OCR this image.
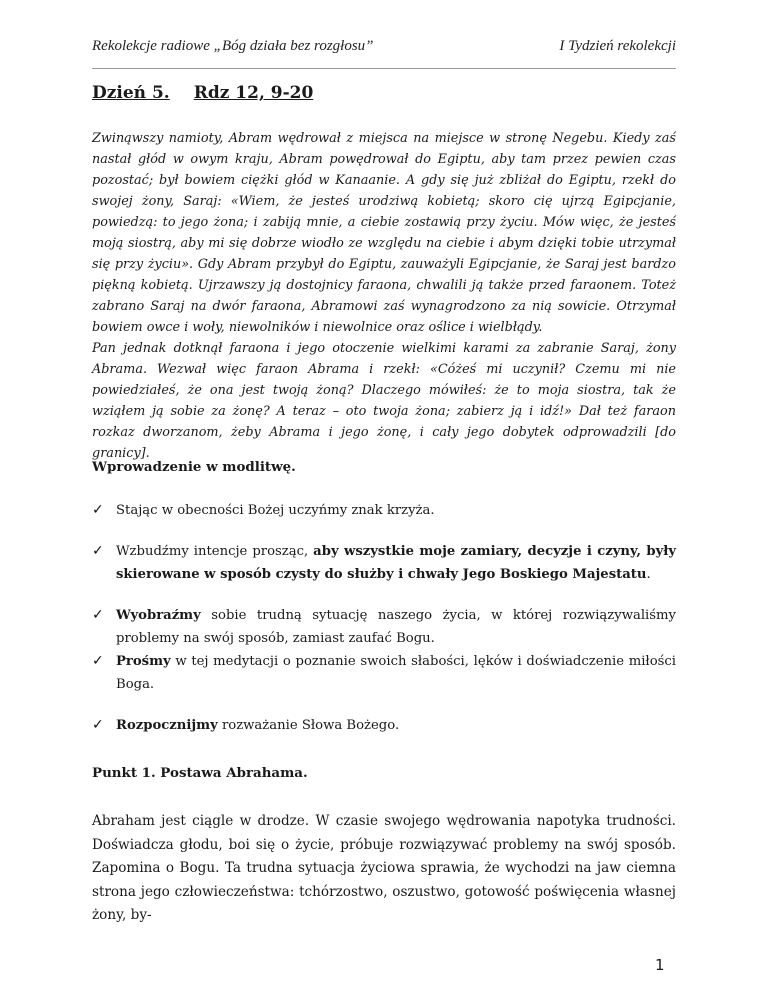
Rekolekcje radiowe „Bóg działa bez rozgłosu”	I Tydzień rekolekcji
Dzień 5. Rdz 12, 9-20

Zwinąwszy namioty, Abram wędrował z miejsca na miejsce w stronę Negebu. Kiedy zaś nastał głód w owym kraju, Abram powędrował do Egiptu, aby tam przez pewien czas pozostać; był bowiem ciężki głód w Kanaanie. A gdy się już zbliżał do Egiptu, rzekł do swojej żony, Saraj: «Wiem, że jesteś urodziwą kobietą; skoro cię ujrzą Egipcjanie, powiedzą: to jego żona; i zabiją mnie, a ciebie zostawią przy życiu. Mów więc, że jesteś moją siostrą, aby mi się dobrze wiodło ze względu na ciebie i abym dzięki tobie utrzymał się przy życiu». Gdy Abram przybył do Egiptu, zauważyli Egipcjanie, że Saraj jest bardzo piękną kobietą. Ujrzawszy ją dostojnicy faraona, chwalili ją także przed faraonem. Toteż zabrano Saraj na dwór faraona, Abramowi zaś wynagrodzono za nią sowicie. Otrzymał bowiem owce i woły, niewolników i niewolnice oraz oślice i wielbłądy.

Pan jednak dotknął faraona i jego otoczenie wielkimi karami za zabranie Saraj, żony Abrama. Wezwał więc faraon Abrama i rzekł: «Cóżeś mi uczynił? Czemu mi nie powiedziałeś, że ona jest twoją żoną? Dlaczego mówiłeś: że to moja siostra, tak że wziąłem ją sobie za żonę? A teraz – oto twoja żona; zabierz ją i idź!» Dał też faraon rozkaz dworzanom, żeby Abrama i jego żonę, i cały jego dobytek odprowadzili [do granicy].

Wprowadzenie w modlitwę.
✓ Stając w obecności Bożej uczyńmy znak krzyża.
✓ Wzbudźmy intencje prosząc, aby wszystkie moje zamiary, decyzje i czyny, były skierowane w sposób czysty do służby i chwały Jego Boskiego Majestatu.
✓ Wyobraźmy sobie trudną sytuację naszego życia, w której rozwiązywaliśmy problemy na swój sposób, zamiast zaufać Bogu.
✓ Prośmy w tej medytacji o poznanie swoich słabości, lęków i doświadczenie miłości Boga.
✓ Rozpocznijmy rozważanie Słowa Bożego.
Punkt 1. Postawa Abrahama.
Abraham jest ciągle w drodze. W czasie swojego wędrowania napotyka trudności. Doświadcza głodu, boi się o życie, próbuje rozwiązywać problemy na swój sposób. Zapomina o Bogu. Ta trudna sytuacja życiowa sprawia, że wychodzi na jaw ciemna strona jego człowieczeństwa: tchórzostwo, oszustwo, gotowość poświęcenia własnej żony, by-
1
